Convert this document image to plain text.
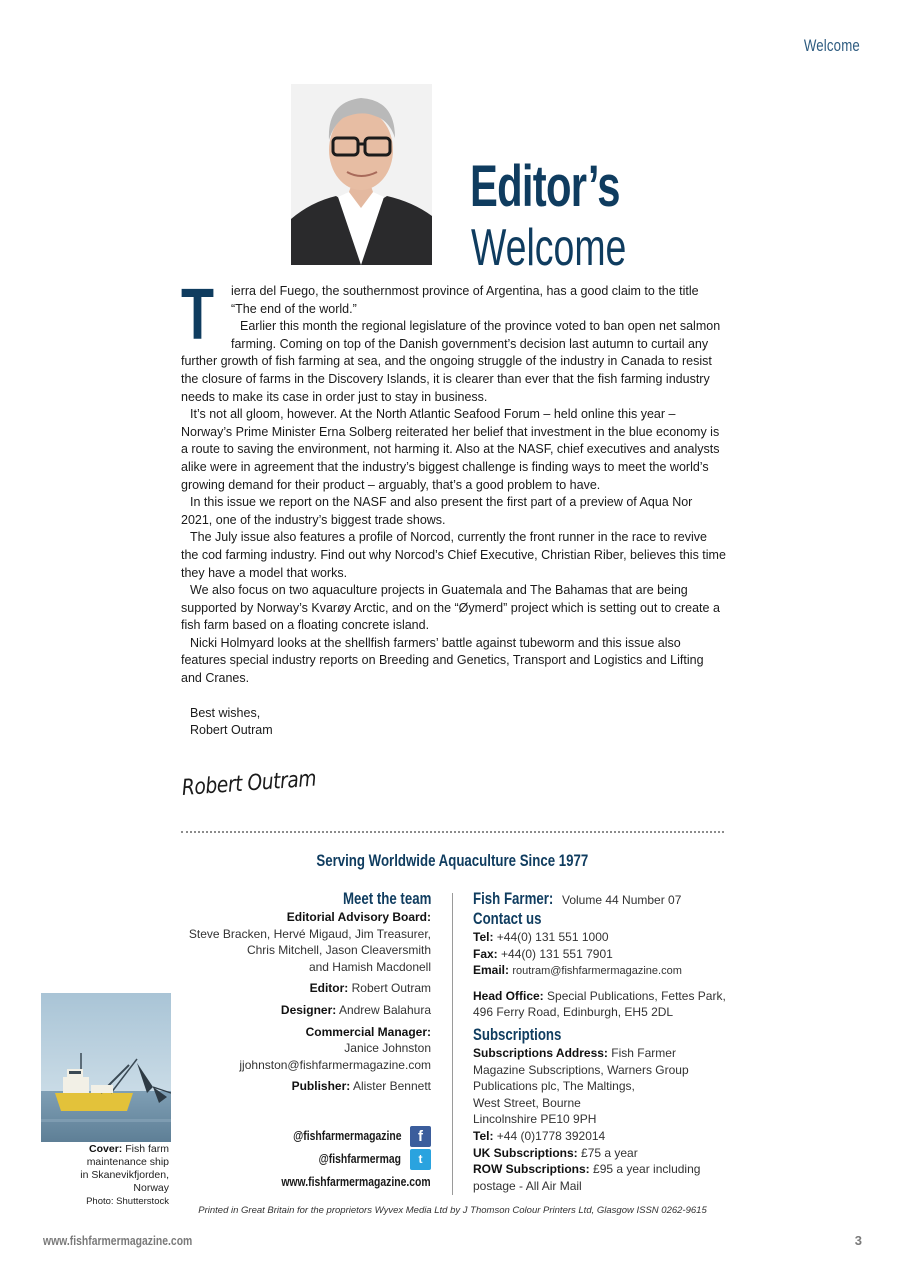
Welcome
Editor’s
Welcome
T	ierra del Fuego, the southernmost province of Argentina, has a good claim to the title “The end of the world.”

Earlier this month the regional legislature of the province voted to ban open net salmon farming. Coming on top of the Danish government’s decision last autumn to curtail any further growth of fish farming at sea, and the ongoing struggle of the industry in Canada to resist the closure of farms in the Discovery Islands, it is clearer than ever that the fish farming industry needs to make its case in order just to stay in business.

It’s not all gloom, however. At the North Atlantic Seafood Forum – held online this year – Norway’s Prime Minister Erna Solberg reiterated her belief that investment in the blue economy is a route to saving the environment, not harming it. Also at the NASF, chief executives and analysts alike were in agreement that the industry’s biggest challenge is finding ways to meet the world’s growing demand for their product – arguably, that’s a good problem to have.

In this issue we report on the NASF and also present the first part of a preview of Aqua Nor 2021, one of the industry’s biggest trade shows.

The July issue also features a profile of Norcod, currently the front runner in the race to revive the cod farming industry. Find out why Norcod’s Chief Executive, Christian Riber, believes this time they have a model that works.

We also focus on two aquaculture projects in Guatemala and The Bahamas that are being supported by Norway’s Kvarøy Arctic, and on the “Øymerd” project which is setting out to create a fish farm based on a floating concrete island.

Nicki Holmyard looks at the shellfish farmers’ battle against tubeworm and this issue also features special industry reports on Breeding and Genetics, Transport and Logistics and Lifting and Cranes.

Best wishes,
Robert Outram
Robert Outram
Serving Worldwide Aquaculture Since 1977
Meet the team
Editorial Advisory Board:
Steve Bracken, Hervé Migaud, Jim Treasurer,
Chris Mitchell, Jason Cleaversmith
and Hamish Macdonell
Editor: Robert Outram
Designer: Andrew Balahura
Commercial Manager:
Janice Johnston
jjohnston@fishfarmermagazine.com
Publisher: Alister Bennett
@fishfarmermagazine	f
@fishfarmermag	t
www.fishfarmermagazine.com
Fish Farmer: Volume 44 Number 07
Contact us
Tel: +44(0) 131 551 1000
Fax: +44(0) 131 551 7901
Email: routram@fishfarmermagazine.com
Head Office: Special Publications, Fettes Park,
496 Ferry Road, Edinburgh, EH5 2DL
Subscriptions
Subscriptions Address: Fish Farmer
Magazine Subscriptions, Warners Group
Publications plc, The Maltings,
West Street, Bourne
Lincolnshire PE10 9PH
Tel: +44 (0)1778 392014
UK Subscriptions: £75 a year
ROW Subscriptions: £95 a year including
postage - All Air Mail
Cover: Fish farm
maintenance ship
in Skanevikfjorden,
Norway
Photo: Shutterstock
Printed in Great Britain for the proprietors Wyvex Media Ltd by J Thomson Colour Printers Ltd, Glasgow ISSN 0262-9615
www.fishfarmermagazine.com	3
